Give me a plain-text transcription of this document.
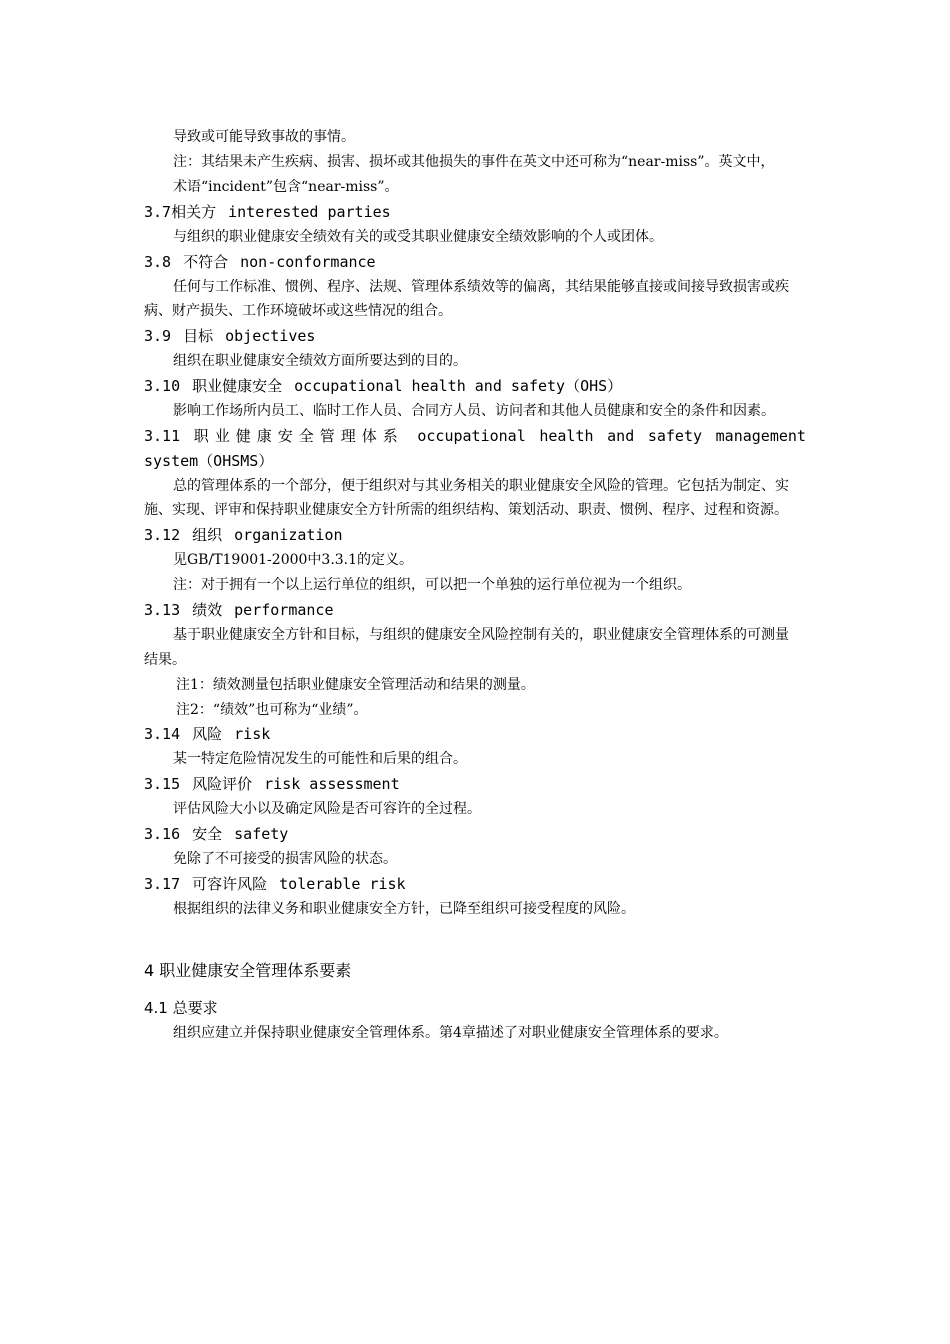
导致或可能导致事故的事情。
注：其结果未产生疾病、损害、损坏或其他损失的事件在英文中还可称为“near-miss”。英文中，
术语“incident”包含“near-miss”。
3.7相关方 interested parties
与组织的职业健康安全绩效有关的或受其职业健康安全绩效影响的个人或团体。
3.8 不符合 non-conformance
任何与工作标准、惯例、程序、法规、管理体系绩效等的偏离，其结果能够直接或间接导致损害或疾
病、财产损失、工作环境破坏或这些情况的组合。
3.9 目标 objectives
组织在职业健康安全绩效方面所要达到的目的。
3.10 职业健康安全 occupational health and safety（OHS）
影响工作场所内员工、临时工作人员、合同方人员、访问者和其他人员健康和安全的条件和因素。
3.11 职业健康安全管理体系 occupational health and safety management
system（OHSMS）
总的管理体系的一个部分，便于组织对与其业务相关的职业健康安全风险的管理。它包括为制定、实
施、实现、评审和保持职业健康安全方针所需的组织结构、策划活动、职责、惯例、程序、过程和资源。
3.12 组织 organization
见GB/T19001-2000中3.3.1的定义。
注：对于拥有一个以上运行单位的组织，可以把一个单独的运行单位视为一个组织。
3.13 绩效 performance
基于职业健康安全方针和目标，与组织的健康安全风险控制有关的，职业健康安全管理体系的可测量
结果。
注1：绩效测量包括职业健康安全管理活动和结果的测量。
注2：“绩效”也可称为“业绩”。
3.14 风险 risk
某一特定危险情况发生的可能性和后果的组合。
3.15 风险评价 risk assessment
评估风险大小以及确定风险是否可容许的全过程。
3.16 安全 safety
免除了不可接受的损害风险的状态。
3.17 可容许风险 tolerable risk
根据组织的法律义务和职业健康安全方针，已降至组织可接受程度的风险。
4 职业健康安全管理体系要素
4.1 总要求
组织应建立并保持职业健康安全管理体系。第4章描述了对职业健康安全管理体系的要求。
